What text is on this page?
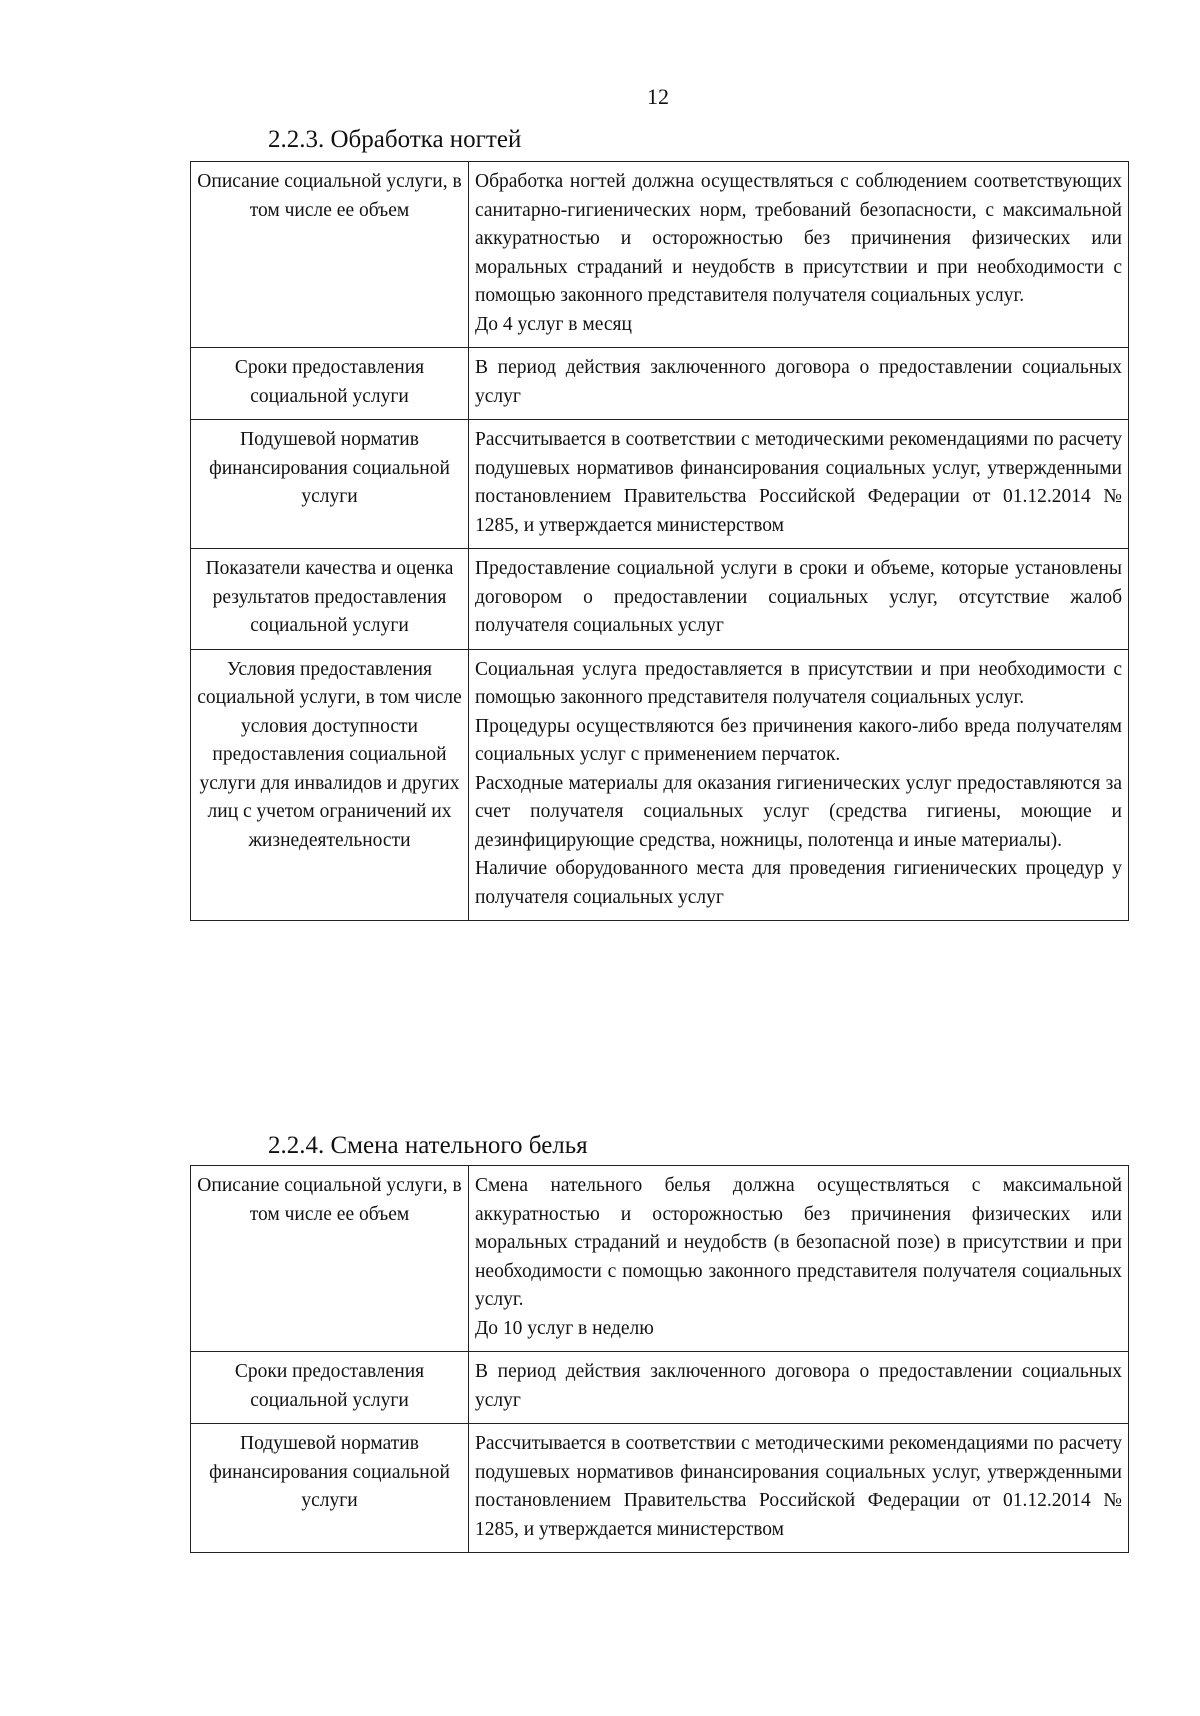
12
2.2.3. Обработка ногтей
Описание социальной услуги, в том числе ее объем	Обработка ногтей должна осуществляться с соблюдением соответствующих санитарно-гигиенических норм, требований безопасности, с максимальной аккуратностью и осторожностью без причинения физических или моральных страданий и неудобств в присутствии и при необходимости с помощью законного представителя получателя социальных услуг.
До 4 услуг в месяц

Сроки предоставления социальной услуги	В период действия заключенного договора о предоставлении социальных услуг

Подушевой норматив финансирования социальной услуги	Рассчитывается в соответствии с методическими рекомендациями по расчету подушевых нормативов финансирования социальных услуг, утвержденными постановлением Правительства Российской Федерации от 01.12.2014 № 1285, и утверждается министерством

Показатели качества и оценка результатов предоставления социальной услуги	Предоставление социальной услуги в сроки и объеме, которые установлены договором о предоставлении социальных услуг, отсутствие жалоб получателя социальных услуг

Условия предоставления социальной услуги, в том числе условия доступности предоставления социальной услуги для инвалидов и других лиц с учетом ограничений их жизнедеятельности	Социальная услуга предоставляется в присутствии и при необходимости с помощью законного представителя получателя социальных услуг.
Процедуры осуществляются без причинения какого-либо вреда получателям социальных услуг с применением перчаток.
Расходные материалы для оказания гигиенических услуг предоставляются за счет получателя социальных услуг (средства гигиены, моющие и дезинфицирующие средства, ножницы, полотенца и иные материалы).
Наличие оборудованного места для проведения гигиенических процедур у получателя социальных услуг
2.2.4. Смена нательного белья
Описание социальной услуги, в том числе ее объем	Смена нательного белья должна осуществляться с максимальной аккуратностью и осторожностью без причинения физических или моральных страданий и неудобств (в безопасной позе) в присутствии и при необходимости с помощью законного представителя получателя социальных услуг.
До 10 услуг в неделю

Сроки предоставления социальной услуги	В период действия заключенного договора о предоставлении социальных услуг

Подушевой норматив финансирования социальной услуги	Рассчитывается в соответствии с методическими рекомендациями по расчету подушевых нормативов финансирования социальных услуг, утвержденными постановлением Правительства Российской Федерации от 01.12.2014 № 1285, и утверждается министерством
